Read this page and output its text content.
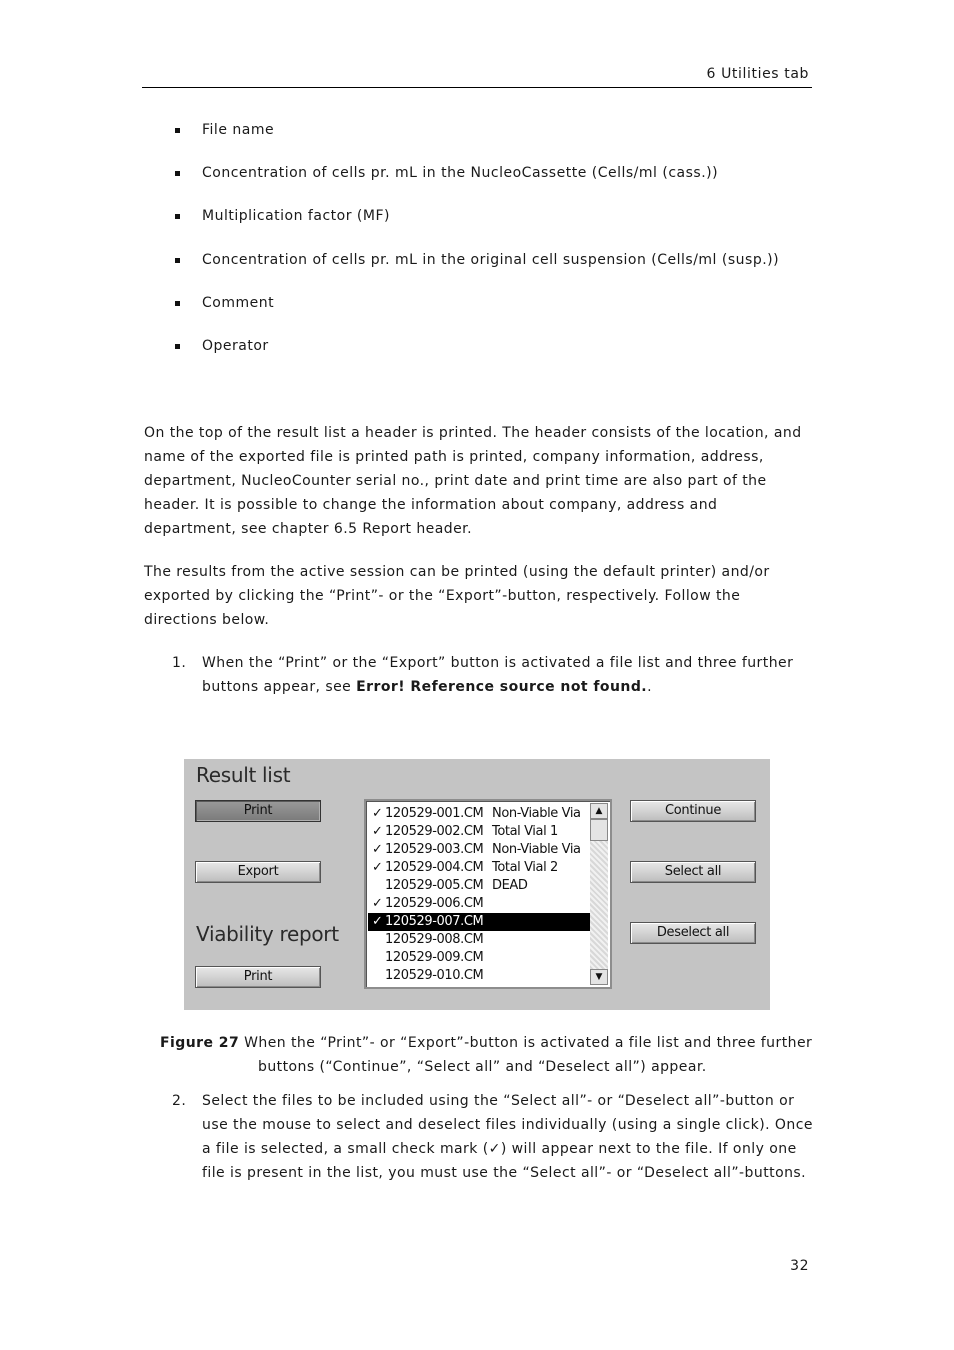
6 Utilities tab
File name
Concentration of cells pr. mL in the NucleoCassette (Cells/ml (cass.))
Multiplication factor (MF)
Concentration of cells pr. mL in the original cell suspension (Cells/ml (susp.))
Comment
Operator

On the top of the result list a header is printed. The header consists of the location, and name of the exported file is printed path is printed, company information, address, department, NucleoCounter serial no., print date and print time are also part of the header. It is possible to change the information about company, address and department, see chapter 6.5 Report header.

The results from the active session can be printed (using the default printer) and/or exported by clicking the “Print”- or the “Export”-button, respectively. Follow the directions below.

1. When the “Print” or the “Export” button is activated a file list and three further buttons appear, see Error! Reference source not found..
Result list
Print
Export
Viability report
Print
✓ 120529-001.CM Non-Viable Via
✓ 120529-002.CM Total Vial 1
✓ 120529-003.CM Non-Viable Via
✓ 120529-004.CM Total Vial 2
120529-005.CM DEAD
✓ 120529-006.CM
✓ 120529-007.CM
120529-008.CM
120529-009.CM
120529-010.CM
▲
▼
Continue
Select all
Deselect all
Figure 27 When the “Print”- or “Export”-button is activated a file list and three further
buttons (“Continue”, “Select all” and “Deselect all”) appear.
2. Select the files to be included using the “Select all”- or “Deselect all”-button or use the mouse to select and deselect files individually (using a single click). Once a file is selected, a small check mark (✓) will appear next to the file. If only one file is present in the list, you must use the “Select all”- or “Deselect all”-buttons.
32
